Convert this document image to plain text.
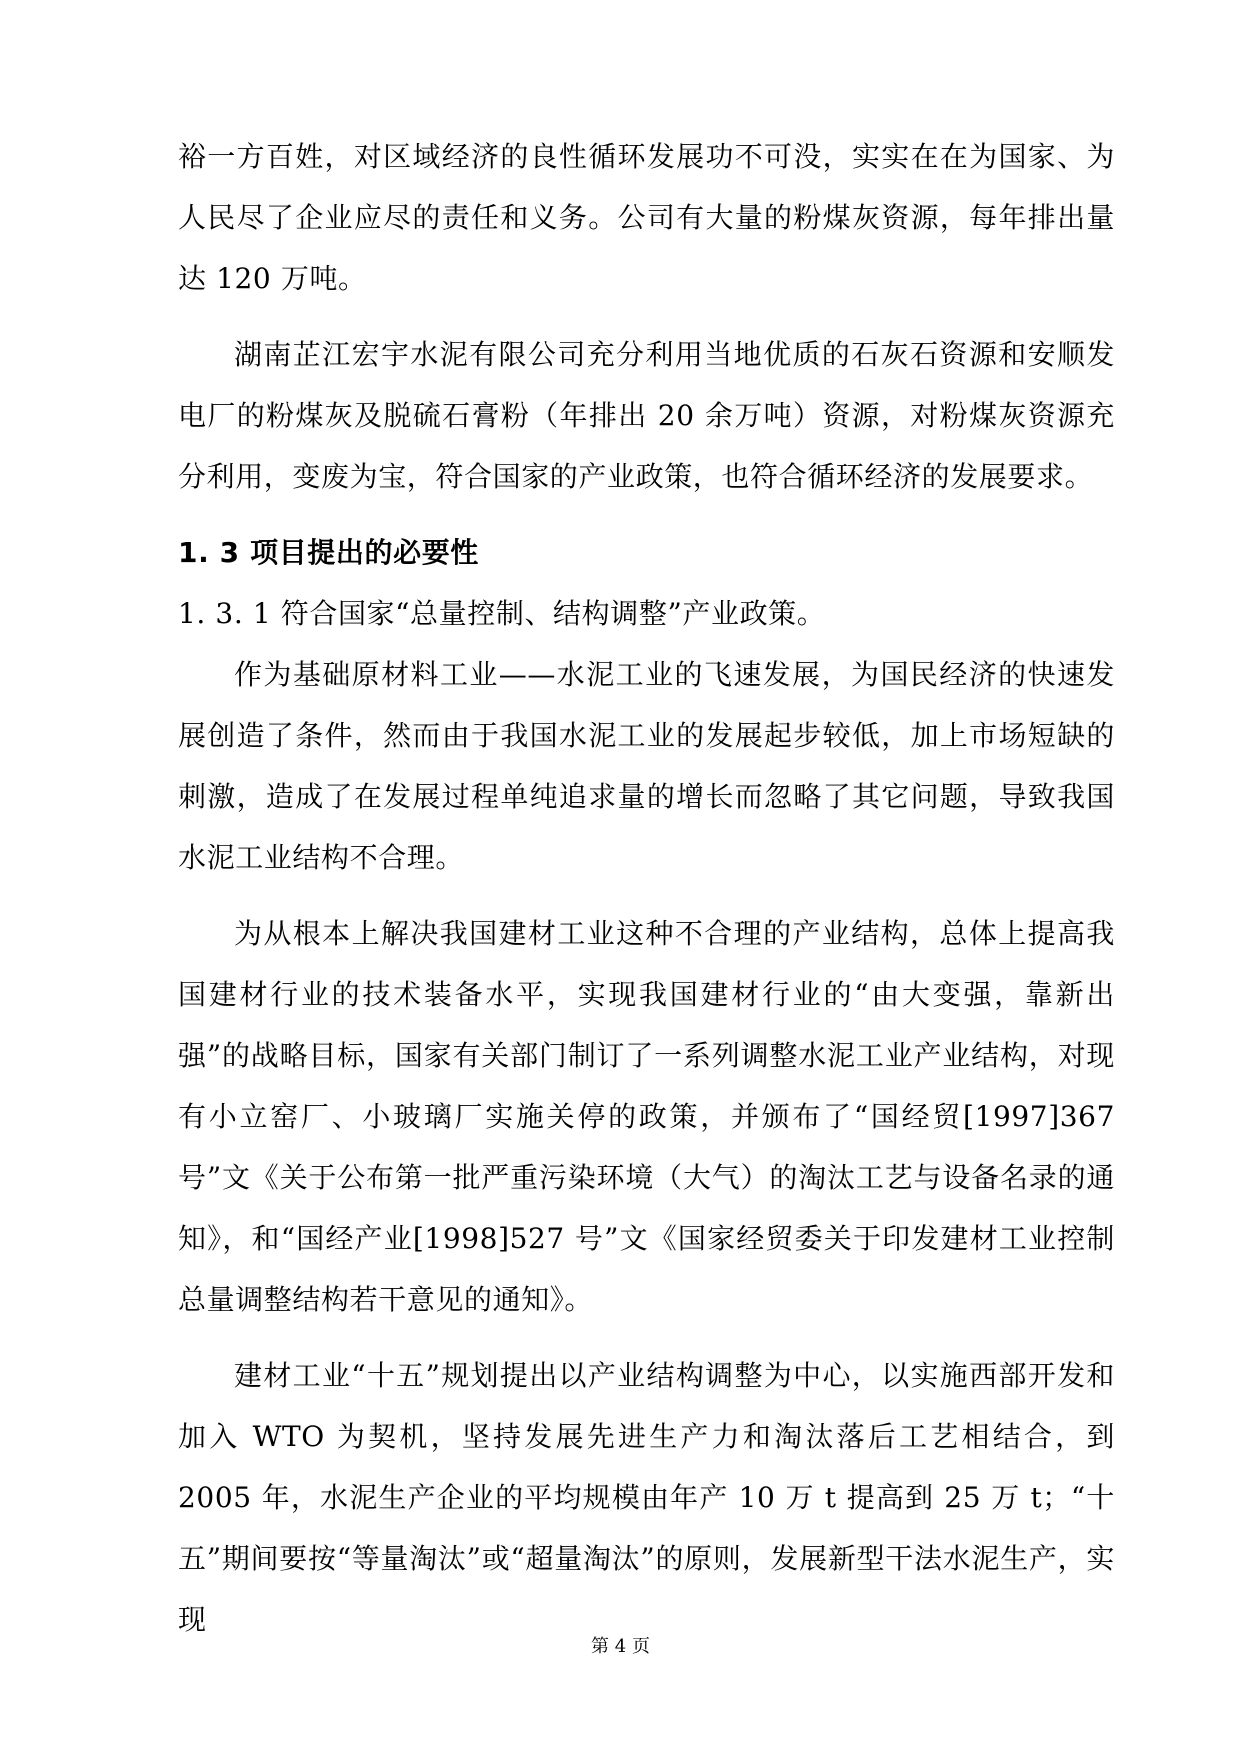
裕一方百姓，对区域经济的良性循环发展功不可没，实实在在为国家、为人民尽了企业应尽的责任和义务。公司有大量的粉煤灰资源，每年排出量达 120 万吨。

湖南芷江宏宇水泥有限公司充分利用当地优质的石灰石资源和安顺发电厂的粉煤灰及脱硫石膏粉（年排出 20 余万吨）资源，对粉煤灰资源充分利用，变废为宝，符合国家的产业政策，也符合循环经济的发展要求。

1. 3 项目提出的必要性

1. 3. 1 符合国家“总量控制、结构调整”产业政策。

作为基础原材料工业——水泥工业的飞速发展，为国民经济的快速发展创造了条件，然而由于我国水泥工业的发展起步较低，加上市场短缺的刺激，造成了在发展过程单纯追求量的增长而忽略了其它问题，导致我国水泥工业结构不合理。

为从根本上解决我国建材工业这种不合理的产业结构，总体上提高我国建材行业的技术装备水平，实现我国建材行业的“由大变强，靠新出强”的战略目标，国家有关部门制订了一系列调整水泥工业产业结构，对现有小立窑厂、小玻璃厂实施关停的政策，并颁布了“国经贸[1997]367 号”文《关于公布第一批严重污染环境（大气）的淘汰工艺与设备名录的通知》，和“国经产业[1998]527 号”文《国家经贸委关于印发建材工业控制总量调整结构若干意见的通知》。

建材工业“十五”规划提出以产业结构调整为中心，以实施西部开发和加入 WTO 为契机，坚持发展先进生产力和淘汰落后工艺相结合，到 2005 年，水泥生产企业的平均规模由年产 10 万 t 提高到 25 万 t；“十五”期间要按“等量淘汰”或“超量淘汰”的原则，发展新型干法水泥生产，实现

第 4 页
